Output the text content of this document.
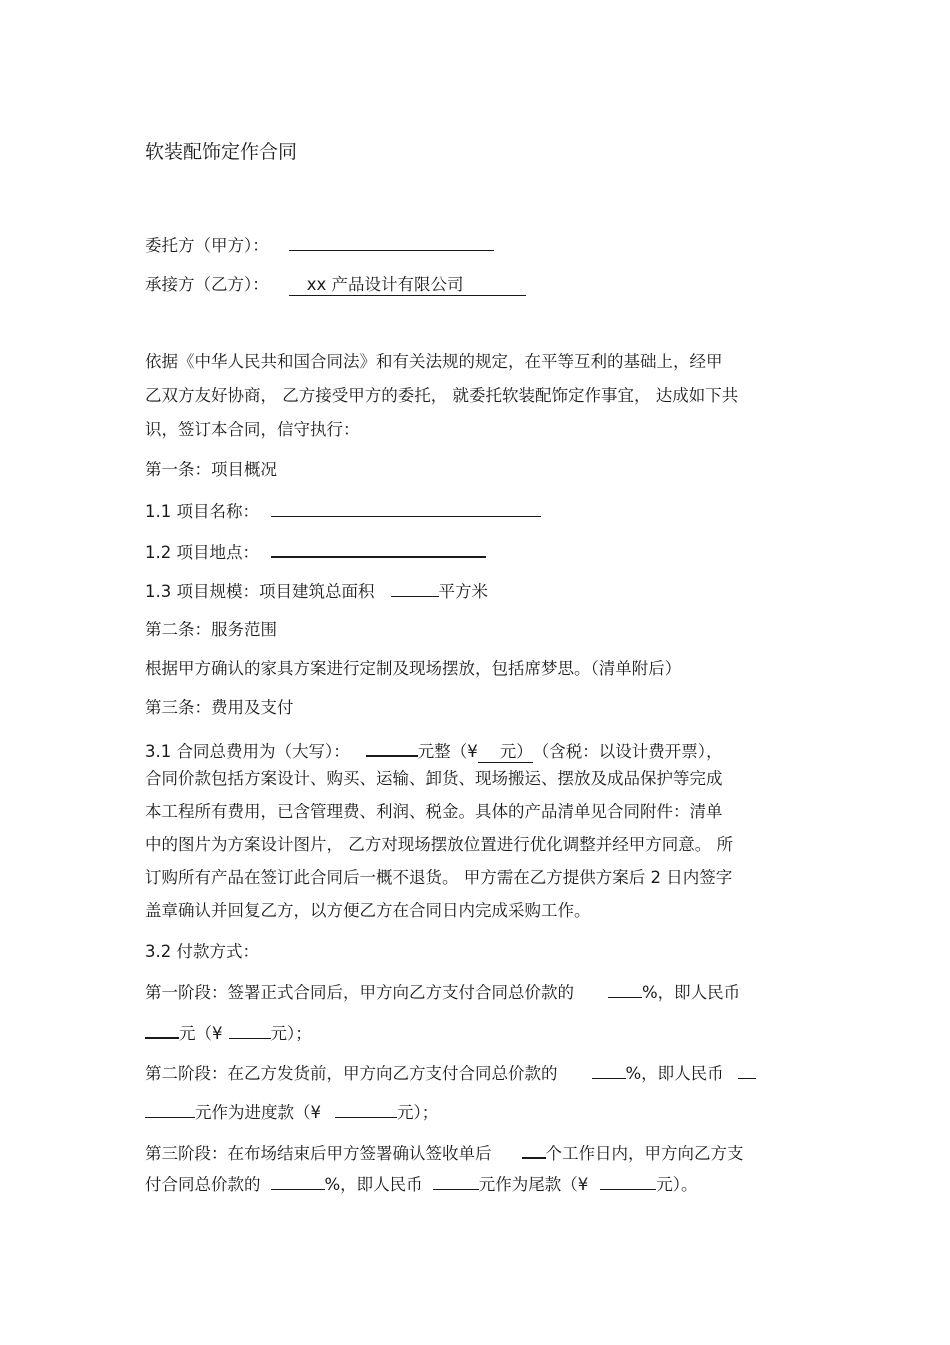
软装配饰定作合同
委托方（甲方）：
承接方（乙方）： xx 产品设计有限公司
依据《中华人民共和国合同法》和有关法规的规定，在平等互利的基础上，经甲
乙双方友好协商， 乙方接受甲方的委托， 就委托软装配饰定作事宜， 达成如下共
识，签订本合同，信守执行：
第一条：项目概况
1.1 项目名称：
1.2 项目地点：
1.3 项目规模：项目建筑总面积	平方米
第二条：服务范围
根据甲方确认的家具方案进行定制及现场摆放，包括席梦思。（清单附后）
第三条：费用及支付
3.1 合同总费用为（大写）：	元整（¥ 元）（含税：以设计费开票），
合同价款包括方案设计、购买、运输、卸货、现场搬运、摆放及成品保护等完成
本工程所有费用，已含管理费、利润、税金。具体的产品清单见合同附件：清单
中的图片为方案设计图片， 乙方对现场摆放位置进行优化调整并经甲方同意。 所
订购所有产品在签订此合同后一概不退货。 甲方需在乙方提供方案后 2 日内签字
盖章确认并回复乙方，以方便乙方在合同日内完成采购工作。
3.2 付款方式：
第一阶段：签署正式合同后，甲方向乙方支付合同总价款的	%，即人民币
元（¥	元）；
第二阶段：在乙方发货前，甲方向乙方支付合同总价款的	%，即人民币
元作为进度款（¥	元）；
第三阶段：在布场结束后甲方签署确认签收单后	个工作日内，甲方向乙方支
付合同总价款的	%，即人民币	元作为尾款（¥	元）。
